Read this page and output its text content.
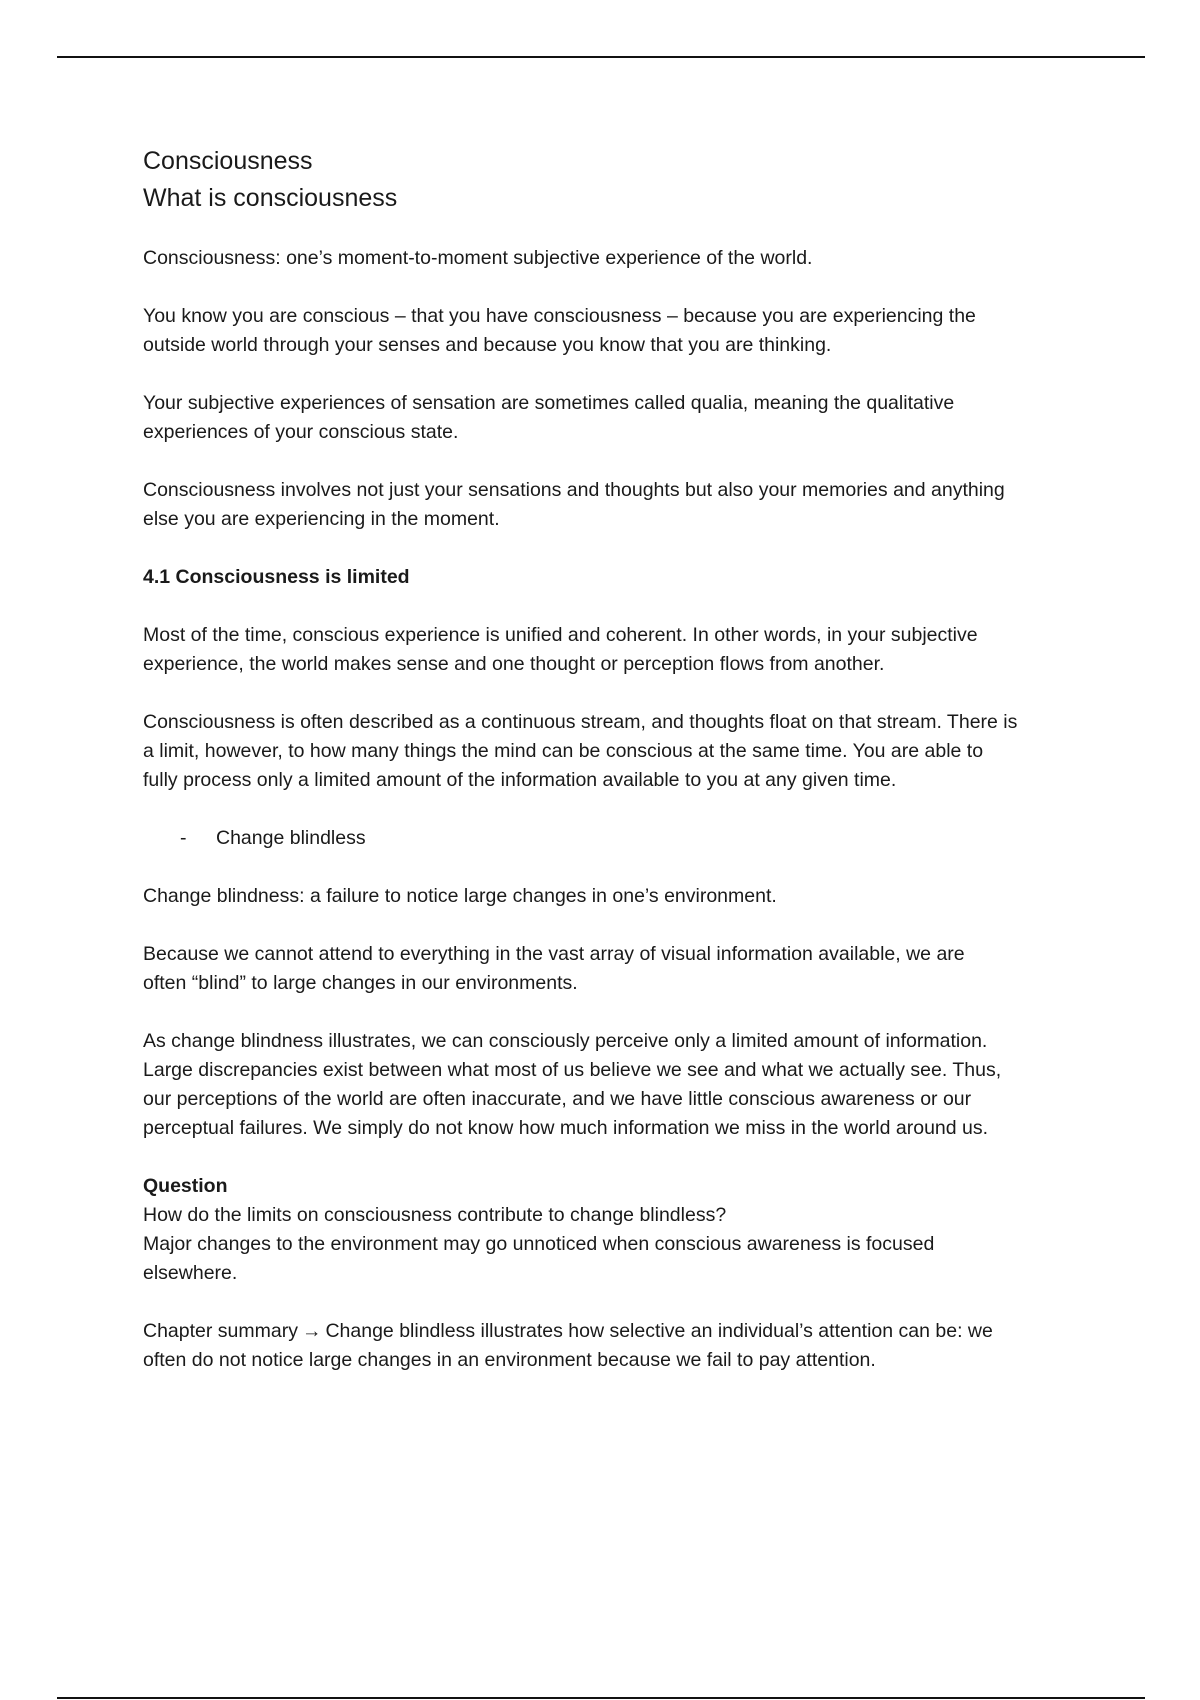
Consciousness

What is consciousness

Consciousness: one’s moment-to-moment subjective experience of the world.

You know you are conscious – that you have consciousness – because you are experiencing the

outside world through your senses and because you know that you are thinking.

Your subjective experiences of sensation are sometimes called qualia, meaning the qualitative

experiences of your conscious state.

Consciousness involves not just your sensations and thoughts but also your memories and anything

else you are experiencing in the moment.

4.1 Consciousness is limited

Most of the time, conscious experience is unified and coherent. In other words, in your subjective

experience, the world makes sense and one thought or perception flows from another.

Consciousness is often described as a continuous stream, and thoughts float on that stream. There is

a limit, however, to how many things the mind can be conscious at the same time. You are able to

fully process only a limited amount of the information available to you at any given time.

-	Change blindless

Change blindness: a failure to notice large changes in one’s environment.

Because we cannot attend to everything in the vast array of visual information available, we are

often “blind” to large changes in our environments.

As change blindness illustrates, we can consciously perceive only a limited amount of information.

Large discrepancies exist between what most of us believe we see and what we actually see. Thus,

our perceptions of the world are often inaccurate, and we have little conscious awareness or our

perceptual failures. We simply do not know how much information we miss in the world around us.

Question

How do the limits on consciousness contribute to change blindless?

Major changes to the environment may go unnoticed when conscious awareness is focused

elsewhere.

Chapter summary → Change blindless illustrates how selective an individual’s attention can be: we

often do not notice large changes in an environment because we fail to pay attention.
